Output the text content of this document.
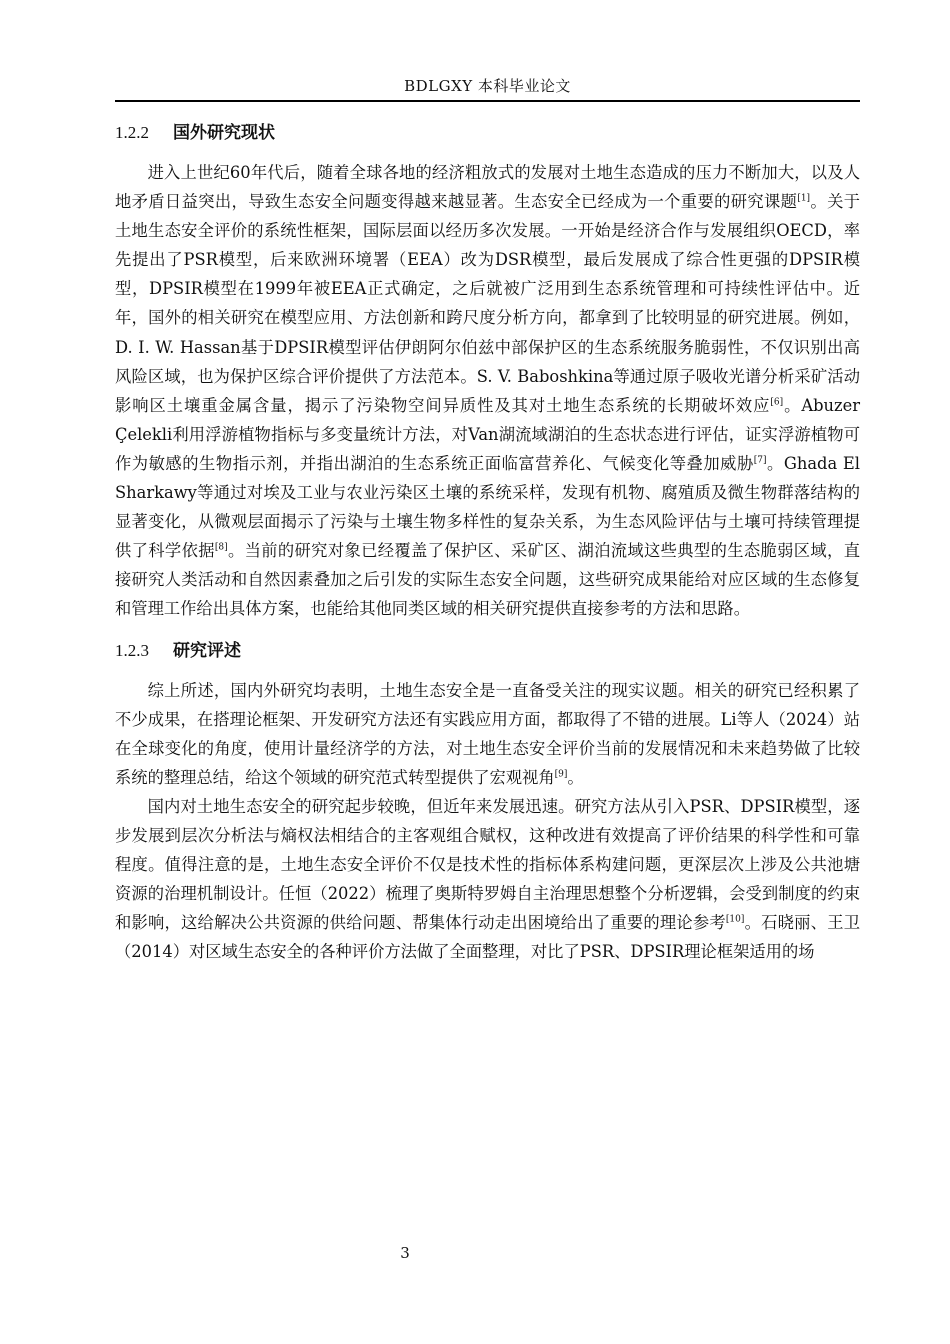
BDLGXY 本科毕业论文
1.2.2 国外研究现状

进入上世纪60年代后，随着全球各地的经济粗放式的发展对土地生态造成的压力不断加大，以及人地矛盾日益突出，导致生态安全问题变得越来越显著。生态安全已经成为一个重要的研究课题[1]。关于土地生态安全评价的系统性框架，国际层面以经历多次发展。一开始是经济合作与发展组织OECD，率先提出了PSR模型，后来欧洲环境署（EEA）改为DSR模型，最后发展成了综合性更强的DPSIR模型，DPSIR模型在1999年被EEA正式确定，之后就被广泛用到生态系统管理和可持续性评估中。近年，国外的相关研究在模型应用、方法创新和跨尺度分析方向，都拿到了比较明显的研究进展。例如，D. I. W. Hassan基于DPSIR模型评估伊朗阿尔伯兹中部保护区的生态系统服务脆弱性，不仅识别出高风险区域，也为保护区综合评价提供了方法范本。S. V. Baboshkina等通过原子吸收光谱分析采矿活动影响区土壤重金属含量，揭示了污染物空间异质性及其对土地生态系统的长期破坏效应[6]。Abuzer Çelekli利用浮游植物指标与多变量统计方法，对Van湖流域湖泊的生态状态进行评估，证实浮游植物可作为敏感的生物指示剂，并指出湖泊的生态系统正面临富营养化、气候变化等叠加威胁[7]。Ghada El Sharkawy等通过对埃及工业与农业污染区土壤的系统采样，发现有机物、腐殖质及微生物群落结构的显著变化，从微观层面揭示了污染与土壤生物多样性的复杂关系，为生态风险评估与土壤可持续管理提供了科学依据[8]。当前的研究对象已经覆盖了保护区、采矿区、湖泊流域这些典型的生态脆弱区域，直接研究人类活动和自然因素叠加之后引发的实际生态安全问题，这些研究成果能给对应区域的生态修复和管理工作给出具体方案，也能给其他同类区域的相关研究提供直接参考的方法和思路。

1.2.3 研究评述

综上所述，国内外研究均表明，土地生态安全是一直备受关注的现实议题。相关的研究已经积累了不少成果，在搭理论框架、开发研究方法还有实践应用方面，都取得了不错的进展。Li等人（2024）站在全球变化的角度，使用计量经济学的方法，对土地生态安全评价当前的发展情况和未来趋势做了比较系统的整理总结，给这个领域的研究范式转型提供了宏观视角[9]。

国内对土地生态安全的研究起步较晚，但近年来发展迅速。研究方法从引入PSR、DPSIR模型，逐步发展到层次分析法与熵权法相结合的主客观组合赋权，这种改进有效提高了评价结果的科学性和可靠程度。值得注意的是，土地生态安全评价不仅是技术性的指标体系构建问题，更深层次上涉及公共池塘资源的治理机制设计。任恒（2022）梳理了奥斯特罗姆自主治理思想整个分析逻辑，会受到制度的约束和影响，这给解决公共资源的供给问题、帮集体行动走出困境给出了重要的理论参考[10]。石晓丽、王卫（2014）对区域生态安全的各种评价方法做了全面整理，对比了PSR、DPSIR理论框架适用的场

3
